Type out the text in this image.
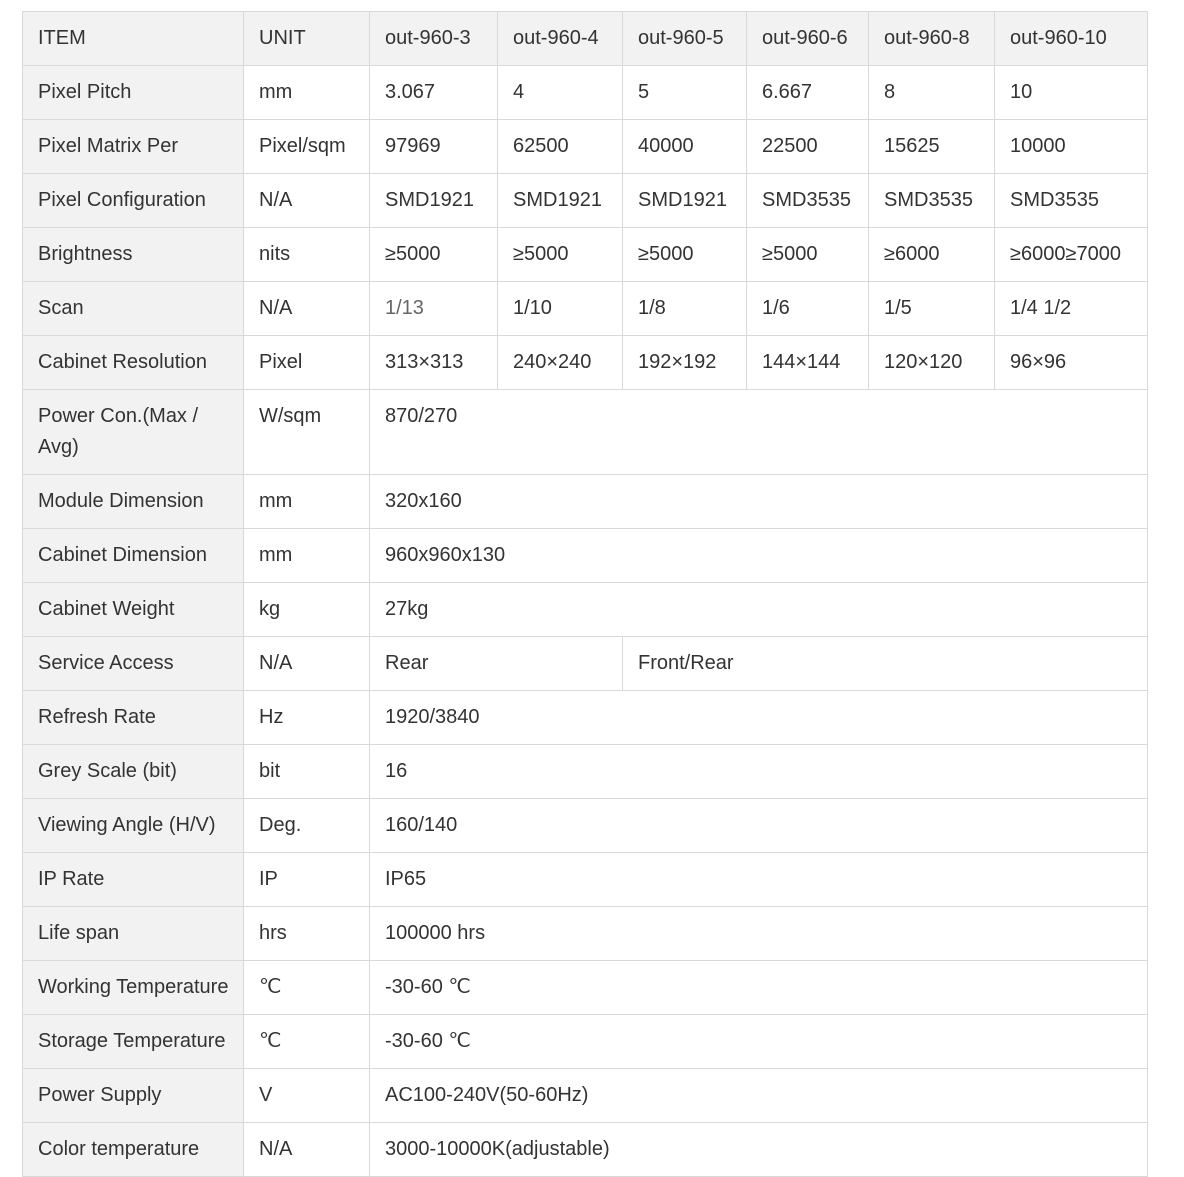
ITEM	UNIT	out-960-3	out-960-4	out-960-5	out-960-6	out-960-8	out-960-10
Pixel Pitch	mm	3.067	4	5	6.667	8	10
Pixel Matrix Per	Pixel/sqm	97969	62500	40000	22500	15625	10000
Pixel Configuration	N/A	SMD1921	SMD1921	SMD1921	SMD3535	SMD3535	SMD3535
Brightness	nits	≥5000	≥5000	≥5000	≥5000	≥6000	≥6000≥7000
Scan	N/A	1/13	1/10	1/8	1/6	1/5	1/4 1/2
Cabinet Resolution	Pixel	313×313	240×240	192×192	144×144	120×120	96×96
Power Con.(Max / Avg)	W/sqm	870/270					
Module Dimension	mm	320x160					
Cabinet Dimension	mm	960x960x130					
Cabinet Weight	kg	27kg					
Service Access	N/A	Rear		Front/Rear			
Refresh Rate	Hz	1920/3840					
Grey Scale (bit)	bit	16					
Viewing Angle (H/V)	Deg.	160/140					
IP Rate	IP	IP65					
Life span	hrs	100000 hrs					
Working Temperature	℃	-30-60 ℃					
Storage Temperature	℃	-30-60 ℃					
Power Supply	V	AC100-240V(50-60Hz)					
Color temperature	N/A	3000-10000K(adjustable)					
